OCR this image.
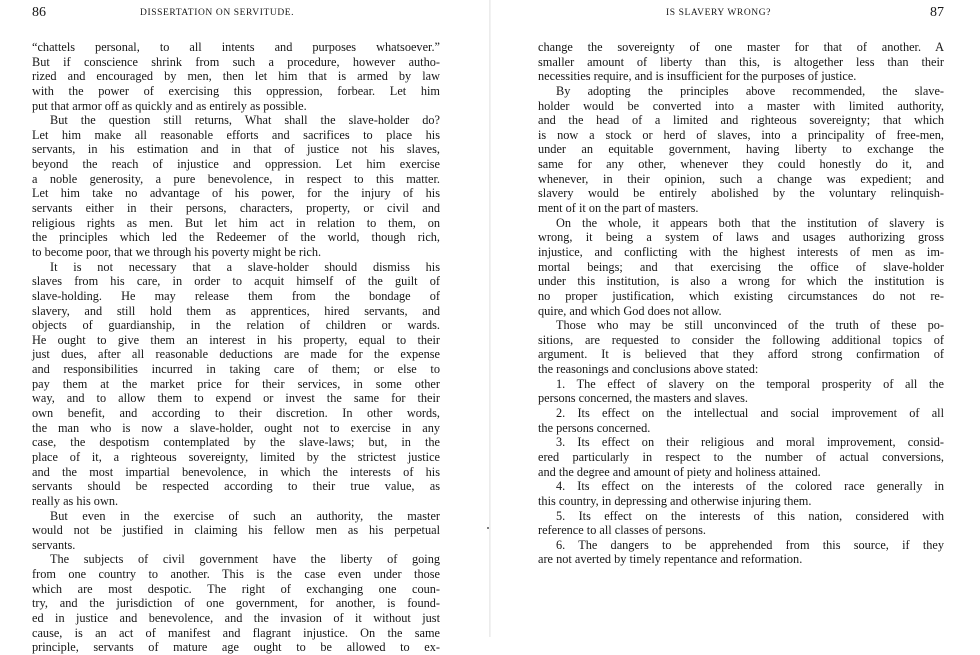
86	DISSERTATION ON SERVITUDE.
“chattels personal, to all intents and purposes whatsoever.”
But if conscience shrink from such a procedure, however autho-
rized and encouraged by men, then let him that is armed by law
with the power of exercising this oppression, forbear. Let him
put that armor off as quickly and as entirely as possible.
But the question still returns, What shall the slave-holder do?
Let him make all reasonable efforts and sacrifices to place his
servants, in his estimation and in that of justice not his slaves,
beyond the reach of injustice and oppression. Let him exercise
a noble generosity, a pure benevolence, in respect to this matter.
Let him take no advantage of his power, for the injury of his
servants either in their persons, characters, property, or civil and
religious rights as men. But let him act in relation to them, on
the principles which led the Redeemer of the world, though rich,
to become poor, that we through his poverty might be rich.
It is not necessary that a slave-holder should dismiss his
slaves from his care, in order to acquit himself of the guilt of
slave-holding. He may release them from the bondage of
slavery, and still hold them as apprentices, hired servants, and
objects of guardianship, in the relation of children or wards.
He ought to give them an interest in his property, equal to their
just dues, after all reasonable deductions are made for the expense
and responsibilities incurred in taking care of them; or else to
pay them at the market price for their services, in some other
way, and to allow them to expend or invest the same for their
own benefit, and according to their discretion. In other words,
the man who is now a slave-holder, ought not to exercise in any
case, the despotism contemplated by the slave-laws; but, in the
place of it, a righteous sovereignty, limited by the strictest justice
and the most impartial benevolence, in which the interests of his
servants should be respected according to their true value, as
really as his own.
But even in the exercise of such an authority, the master
would not be justified in claiming his fellow men as his perpetual
servants.
The subjects of civil government have the liberty of going
from one country to another. This is the case even under those
which are most despotic. The right of exchanging one coun-
try, and the jurisdiction of one government, for another, is found-
ed in justice and benevolence, and the invasion of it without just
cause, is an act of manifest and flagrant injustice. On the same
principle, servants of mature age ought to be allowed to ex-
IS SLAVERY WRONG?	87
change the sovereignty of one master for that of another. A
smaller amount of liberty than this, is altogether less than their
necessities require, and is insufficient for the purposes of justice.
By adopting the principles above recommended, the slave-
holder would be converted into a master with limited authority,
and the head of a limited and righteous sovereignty; that which
is now a stock or herd of slaves, into a principality of free-men,
under an equitable government, having liberty to exchange the
same for any other, whenever they could honestly do it, and
whenever, in their opinion, such a change was expedient; and
slavery would be entirely abolished by the voluntary relinquish-
ment of it on the part of masters.
On the whole, it appears both that the institution of slavery is
wrong, it being a system of laws and usages authorizing gross
injustice, and conflicting with the highest interests of men as im-
mortal beings; and that exercising the office of slave-holder
under this institution, is also a wrong for which the institution is
no proper justification, which existing circumstances do not re-
quire, and which God does not allow.
Those who may be still unconvinced of the truth of these po-
sitions, are requested to consider the following additional topics of
argument. It is believed that they afford strong confirmation of
the reasonings and conclusions above stated:
1. The effect of slavery on the temporal prosperity of all the
persons concerned, the masters and slaves.
2. Its effect on the intellectual and social improvement of all
the persons concerned.
3. Its effect on their religious and moral improvement, consid-
ered particularly in respect to the number of actual conversions,
and the degree and amount of piety and holiness attained.
4. Its effect on the interests of the colored race generally in
this country, in depressing and otherwise injuring them.
5. Its effect on the interests of this nation, considered with
reference to all classes of persons.
6. The dangers to be apprehended from this source, if they
are not averted by timely repentance and reformation.
